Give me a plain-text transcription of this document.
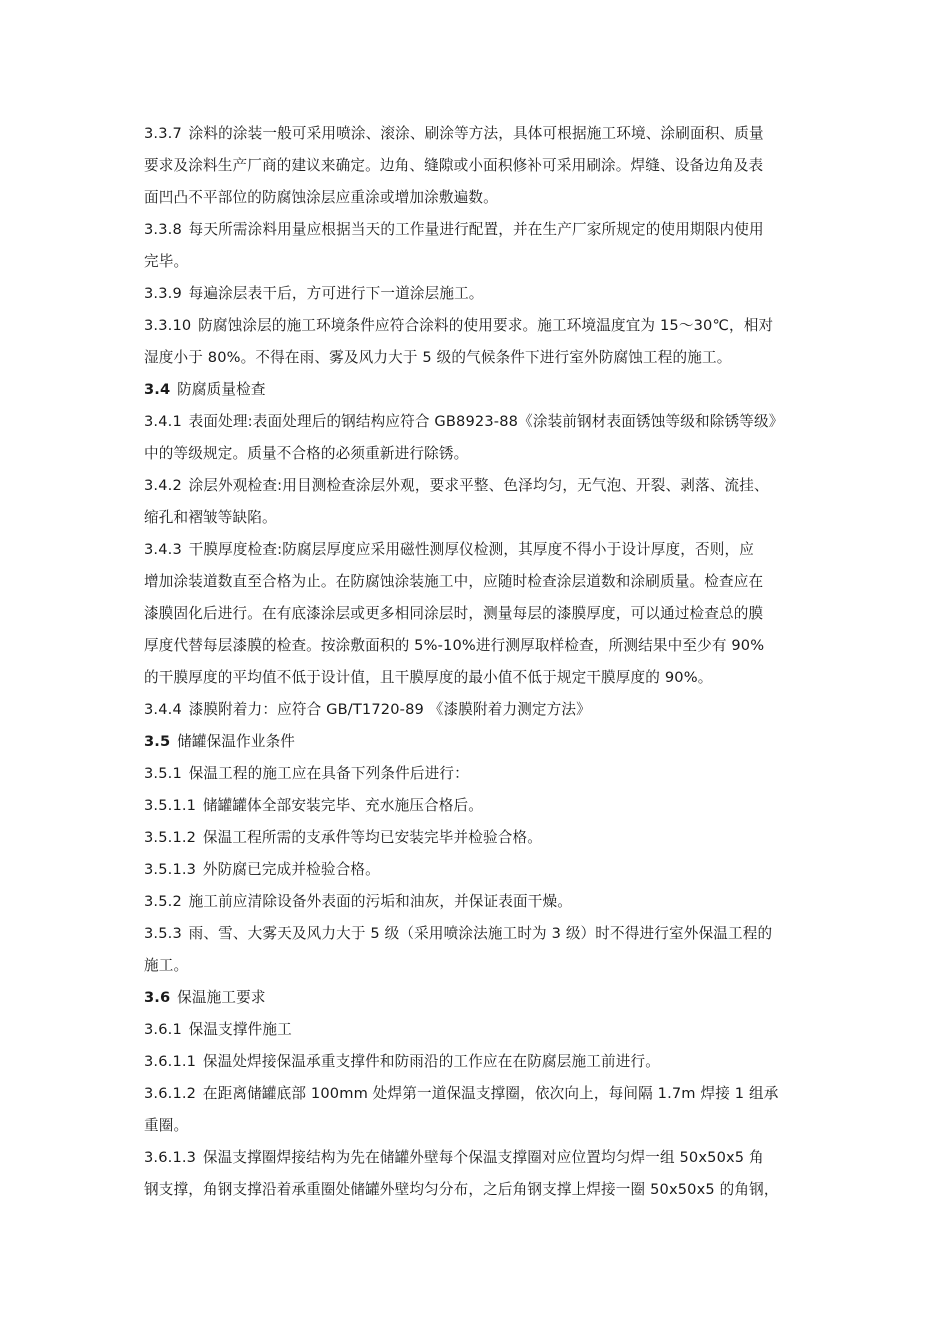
3.3.7 涂料的涂装一般可采用喷涂、滚涂、刷涂等方法，具体可根据施工环境、涂刷面积、质量
要求及涂料生产厂商的建议来确定。边角、缝隙或小面积修补可采用刷涂。焊缝、设备边角及表
面凹凸不平部位的防腐蚀涂层应重涂或增加涂敷遍数。
3.3.8 每天所需涂料用量应根据当天的工作量进行配置，并在生产厂家所规定的使用期限内使用
完毕。
3.3.9 每遍涂层表干后，方可进行下一道涂层施工。
3.3.10 防腐蚀涂层的施工环境条件应符合涂料的使用要求。施工环境温度宜为 15～30℃，相对
湿度小于 80%。不得在雨、雾及风力大于 5 级的气候条件下进行室外防腐蚀工程的施工。
3.4 防腐质量检查
3.4.1 表面处理:表面处理后的钢结构应符合 GB8923-88《涂装前钢材表面锈蚀等级和除锈等级》
中的等级规定。质量不合格的必须重新进行除锈。
3.4.2 涂层外观检查:用目测检查涂层外观，要求平整、色泽均匀，无气泡、开裂、剥落、流挂、
缩孔和褶皱等缺陷。
3.4.3 干膜厚度检查:防腐层厚度应采用磁性测厚仪检测，其厚度不得小于设计厚度，否则，应
增加涂装道数直至合格为止。在防腐蚀涂装施工中，应随时检查涂层道数和涂刷质量。检查应在
漆膜固化后进行。在有底漆涂层或更多相同涂层时，测量每层的漆膜厚度，可以通过检查总的膜
厚度代替每层漆膜的检查。按涂敷面积的 5%-10%进行测厚取样检查，所测结果中至少有 90%
的干膜厚度的平均值不低于设计值，且干膜厚度的最小值不低于规定干膜厚度的 90%。
3.4.4 漆膜附着力：应符合 GB/T1720-89 《漆膜附着力测定方法》
3.5 储罐保温作业条件
3.5.1 保温工程的施工应在具备下列条件后进行：
3.5.1.1 储罐罐体全部安装完毕、充水施压合格后。
3.5.1.2 保温工程所需的支承件等均已安装完毕并检验合格。
3.5.1.3 外防腐已完成并检验合格。
3.5.2 施工前应清除设备外表面的污垢和油灰，并保证表面干燥。
3.5.3 雨、雪、大雾天及风力大于 5 级（采用喷涂法施工时为 3 级）时不得进行室外保温工程的
施工。
3.6 保温施工要求
3.6.1 保温支撑件施工
3.6.1.1 保温处焊接保温承重支撑件和防雨沿的工作应在在防腐层施工前进行。
3.6.1.2 在距离储罐底部 100mm 处焊第一道保温支撑圈，依次向上，每间隔 1.7m 焊接 1 组承
重圈。
3.6.1.3 保温支撑圈焊接结构为先在储罐外壁每个保温支撑圈对应位置均匀焊一组 50x50x5 角
钢支撑，角钢支撑沿着承重圈处储罐外壁均匀分布，之后角钢支撑上焊接一圈 50x50x5 的角钢，
